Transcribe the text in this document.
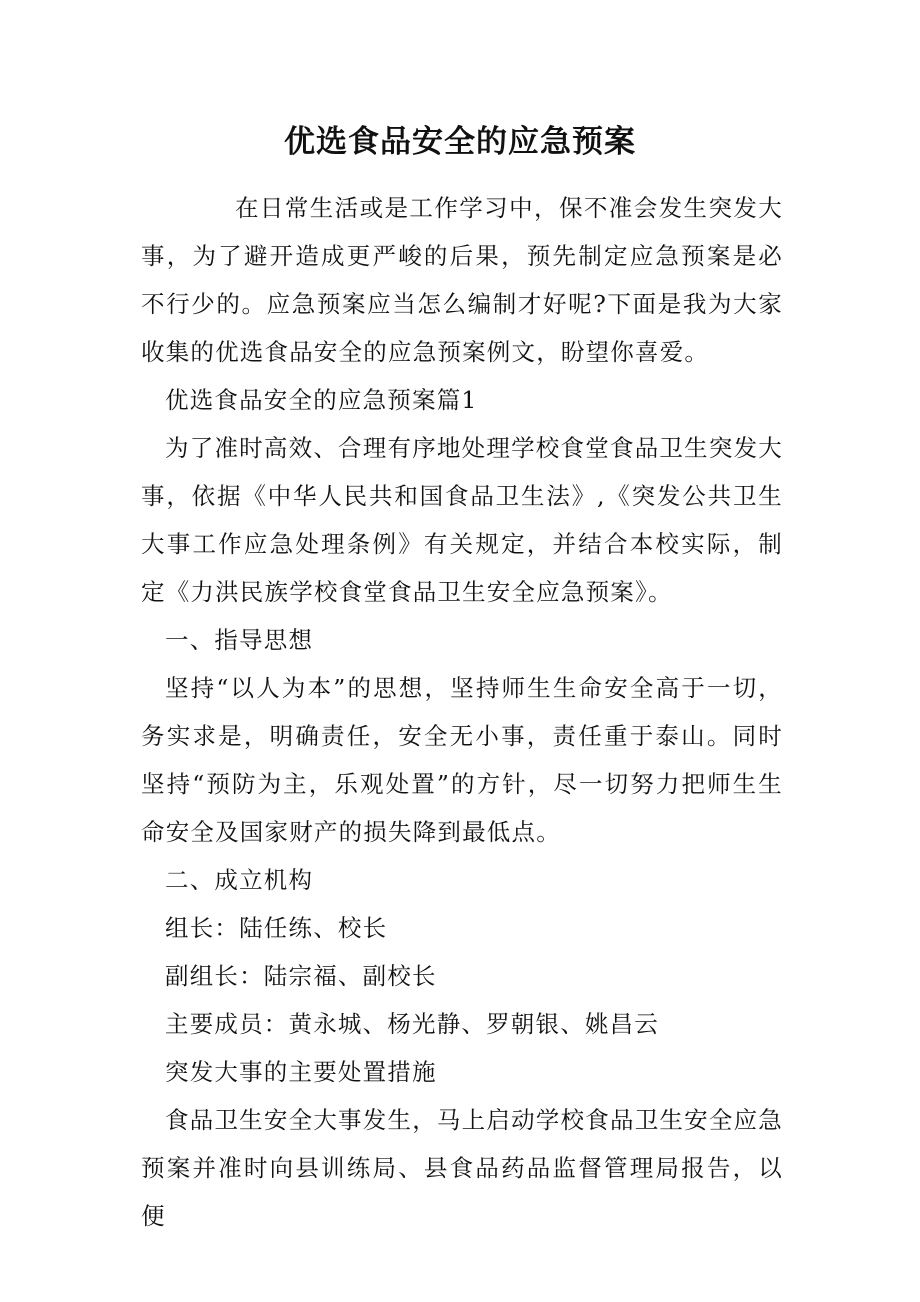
优选食品安全的应急预案

在日常生活或是工作学习中，保不准会发生突发大事，为了避开造成更严峻的后果，预先制定应急预案是必不行少的。应急预案应当怎么编制才好呢?下面是我为大家收集的优选食品安全的应急预案例文，盼望你喜爱。

优选食品安全的应急预案篇1

为了准时高效、合理有序地处理学校食堂食品卫生突发大事，依据《中华人民共和国食品卫生法》,《突发公共卫生大事工作应急处理条例》有关规定，并结合本校实际，制定《力洪民族学校食堂食品卫生安全应急预案》。

一、指导思想

坚持“以人为本”的思想，坚持师生生命安全高于一切，务实求是，明确责任，安全无小事，责任重于泰山。同时坚持“预防为主，乐观处置”的方针，尽一切努力把师生生命安全及国家财产的损失降到最低点。

二、成立机构

组长：陆任练、校长

副组长：陆宗福、副校长

主要成员：黄永城、杨光静、罗朝银、姚昌云

突发大事的主要处置措施

食品卫生安全大事发生，马上启动学校食品卫生安全应急预案并准时向县训练局、县食品药品监督管理局报告，以便
